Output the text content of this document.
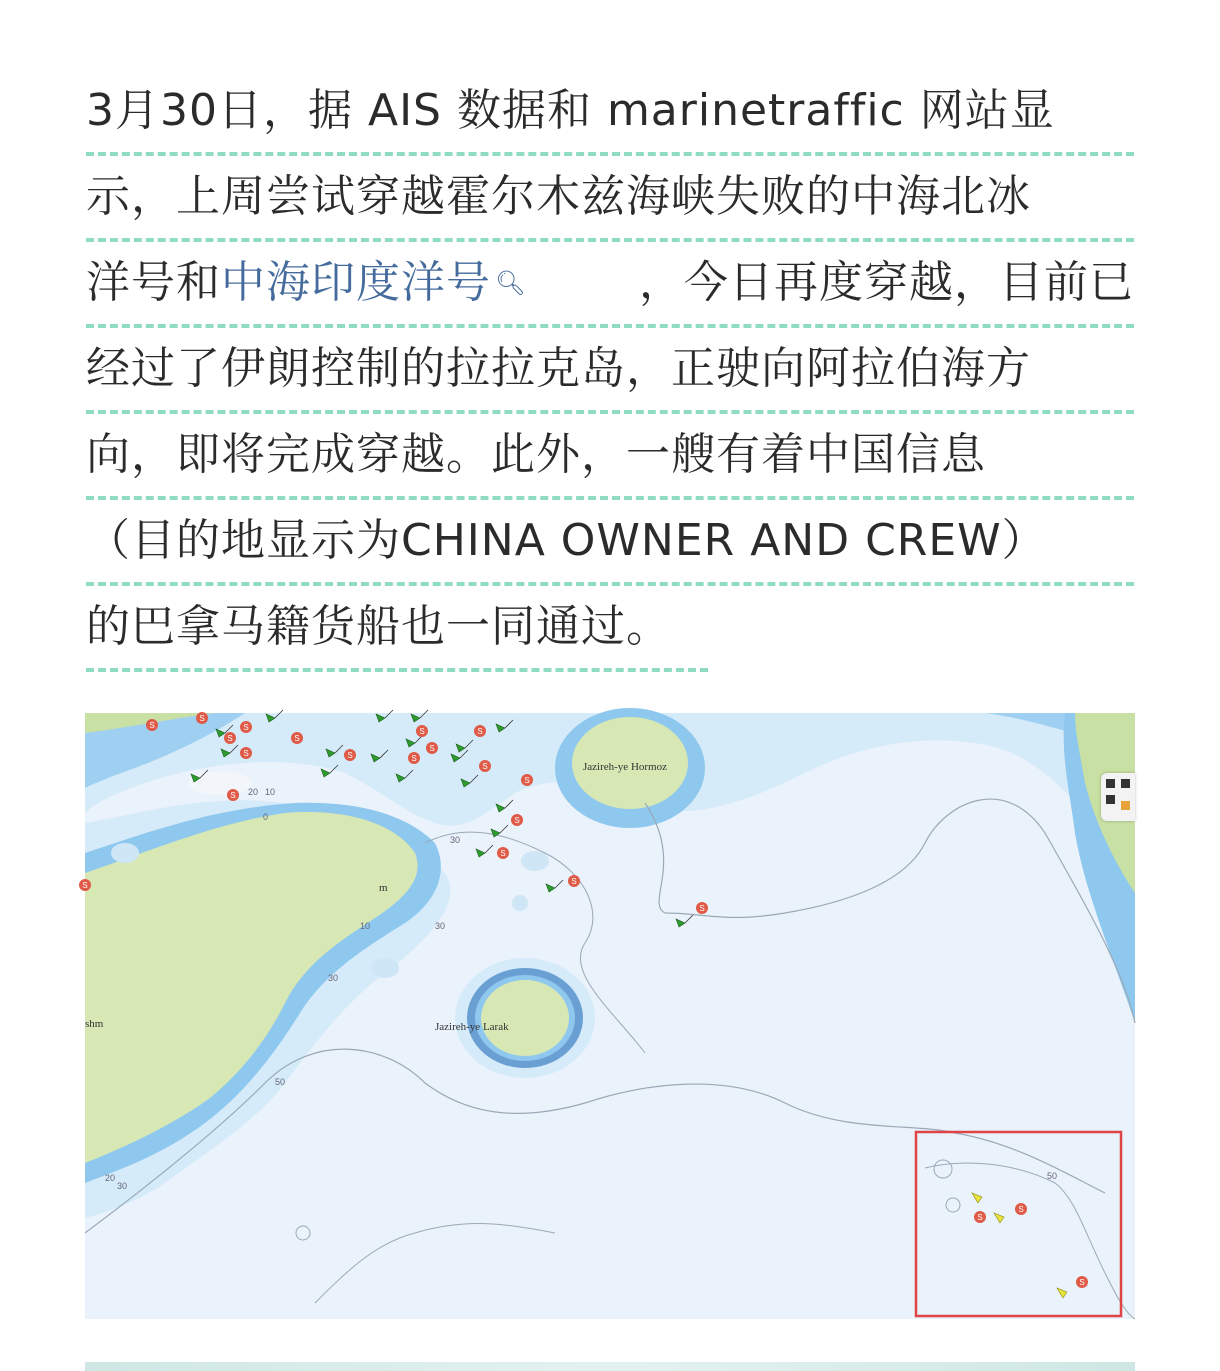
3月30日，据 AIS 数据和 marinetraffic 网站显
示，上周尝试穿越霍尔木兹海峡失败的中海北冰
洋号和 中海印度洋号 🔍︎	，今日再度穿越，目前已
经过了伊朗控制的拉拉克岛，正驶向阿拉伯海方
向，即将完成穿越。此外，一艘有着中国信息
（目的地显示为CHINA OWNER AND CREW）
的巴拿马籍货船也一同通过。
10
20
30
10	30
30
50
20
30
50
0
Jazireh-ye Hormoz
Jazireh-ye Larak
shm
m
S
S
S
S	S
S
S
S
S
S
S
S
S
S
S
S
S
S
S
S
S
S
